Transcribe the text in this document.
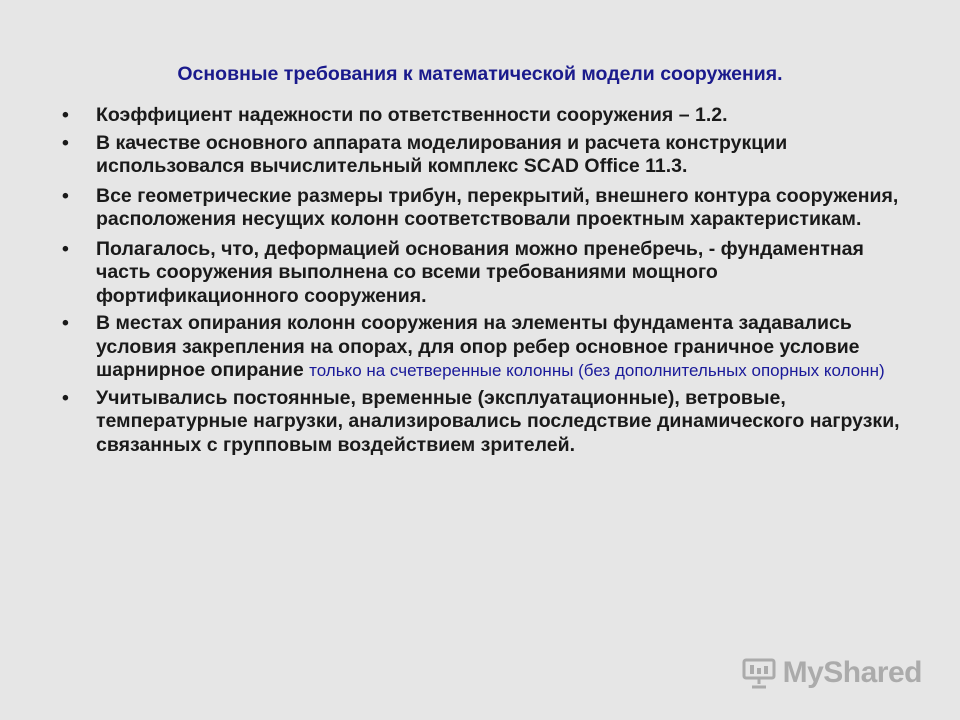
Основные требования к математической модели сооружения.
•	Коэффициент надежности по ответственности сооружения – 1.2.
•	В качестве основного аппарата моделирования и расчета конструкции использовался вычислительный комплекс SCAD Office 11.3.
•	Все геометрические размеры трибун, перекрытий, внешнего контура сооружения, расположения несущих колонн соответствовали проектным характеристикам.
•	Полагалось, что, деформацией основания можно пренебречь, - фундаментная часть сооружения выполнена со всеми требованиями мощного фортификационного сооружения.
•	В местах опирания колонн сооружения на элементы фундамента задавались условия закрепления на опорах, для опор ребер основное граничное условие шарнирное опирание только на счетверенные колонны (без дополнительных опорных колонн)
•	Учитывались постоянные, временные (эксплуатационные), ветровые, температурные нагрузки, анализировались последствие динамического нагрузки, связанных с групповым воздействием зрителей.
MyShared
